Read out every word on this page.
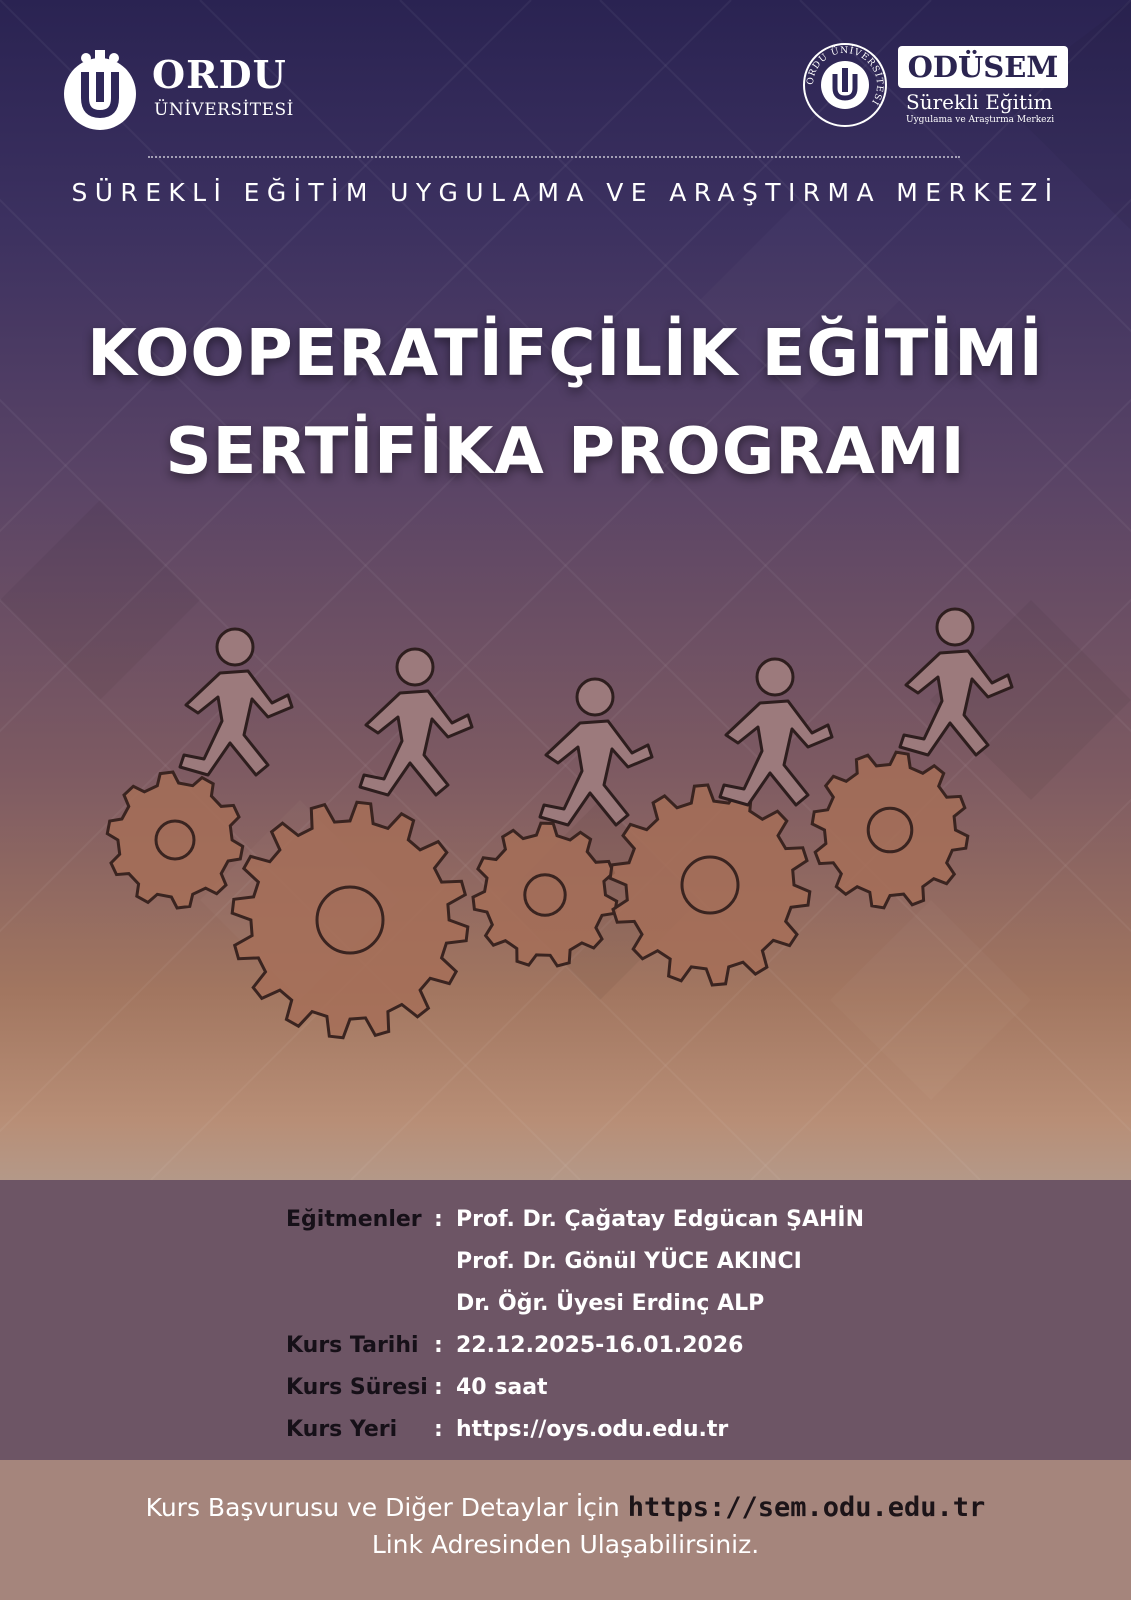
ORDU
ÜNİVERSİTESİ
ORDU ÜNİVERSİTESİ
ODÜSEM
Sürekli Eğitim
Uygulama ve Araştırma Merkezi
SÜREKLİ EĞİTİM UYGULAMA VE ARAŞTIRMA MERKEZİ
KOOPERATİFÇİLİK EĞİTİMİ
SERTİFİKA PROGRAMI
Eğitmenler : Prof. Dr. Çağatay Edgücan ŞAHİN
Prof. Dr. Gönül YÜCE AKINCI
Dr. Öğr. Üyesi Erdinç ALP
Kurs Tarihi : 22.12.2025-16.01.2026
Kurs Süresi : 40 saat
Kurs Yeri	: https://oys.odu.edu.tr
Kurs Başvurusu ve Diğer Detaylar İçin https://sem.odu.edu.tr
Link Adresinden Ulaşabilirsiniz.
